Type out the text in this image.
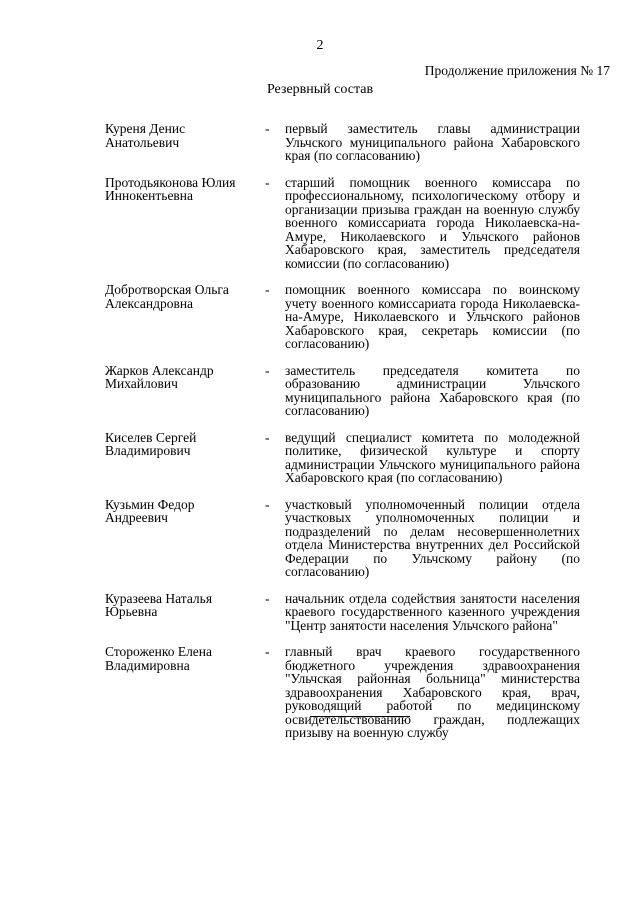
2
Продолжение приложения № 17
Резервный состав
Куреня Денис
Анатольевич
-	первый заместитель главы администрации Ульчского муниципального района Хабаровского края (по согласованию)
Протодьяконова Юлия
Иннокентьевна
-	старший помощник военного комиссара по профессиональному, психологическому отбору и организации призыва граждан на военную службу военного комиссариата города Николаевска-на-Амуре, Николаевского и Ульчского районов Хабаровского края, заместитель председателя комиссии (по согласованию)
Добротворская Ольга
Александровна
-	помощник военного комиссара по воинскому учету военного комиссариата города Николаевска-на-Амуре, Николаевского и Ульчского районов Хабаровского края, секретарь комиссии (по согласованию)
Жарков Александр
Михайлович
-	заместитель председателя комитета по образованию администрации Ульчского муниципального района Хабаровского края (по согласованию)
Киселев Сергей
Владимирович
-	ведущий специалист комитета по молодежной политике, физической культуре и спорту администрации Ульчского муниципального района Хабаровского края (по согласованию)
Кузьмин Федор
Андреевич
-	участковый уполномоченный полиции отдела участковых уполномоченных полиции и подразделений по делам несовершеннолетних отдела Министерства внутренних дел Российской Федерации по Ульчскому району (по согласованию)
Куразеева Наталья
Юрьевна
-	начальник отдела содействия занятости населения краевого государственного казенного учреждения "Центр занятости населения Ульчского района"
Стороженко Елена
Владимировна
-	главный врач краевого государственного бюджетного учреждения здравоохранения "Ульчская районная больница" министерства здравоохранения Хабаровского края, врач, руководящий работой по медицинскому освидетельствованию граждан, подлежащих призыву на военную службу
